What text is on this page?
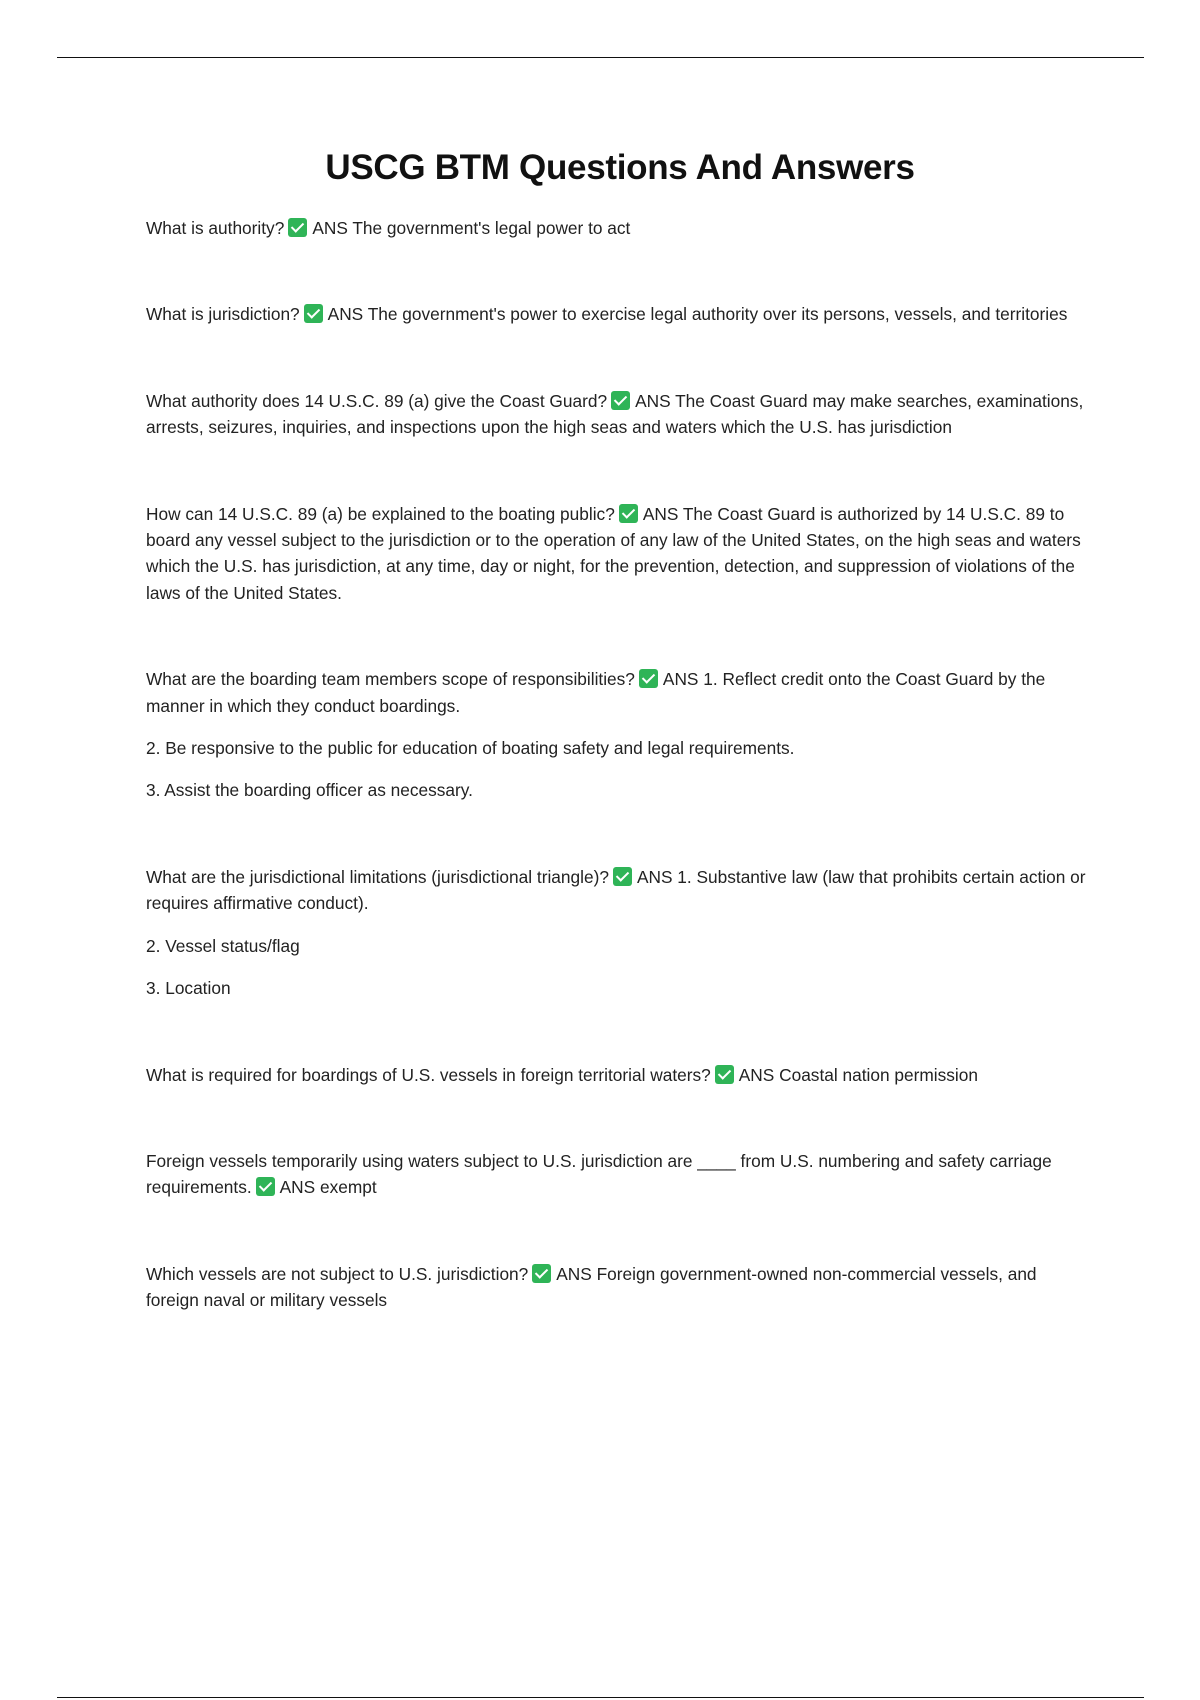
USCG BTM Questions And Answers

What is authority? ANS The government's legal power to act

What is jurisdiction? ANS The government's power to exercise legal authority over its persons, vessels, and territories

What authority does 14 U.S.C. 89 (a) give the Coast Guard? ANS The Coast Guard may make searches, examinations, arrests, seizures, inquiries, and inspections upon the high seas and waters which the U.S. has jurisdiction

How can 14 U.S.C. 89 (a) be explained to the boating public? ANS The Coast Guard is authorized by 14 U.S.C. 89 to board any vessel subject to the jurisdiction or to the operation of any law of the United States, on the high seas and waters which the U.S. has jurisdiction, at any time, day or night, for the prevention, detection, and suppression of violations of the laws of the United States.

What are the boarding team members scope of responsibilities? ANS 1. Reflect credit onto the Coast Guard by the manner in which they conduct boardings.

2. Be responsive to the public for education of boating safety and legal requirements.

3. Assist the boarding officer as necessary.

What are the jurisdictional limitations (jurisdictional triangle)? ANS 1. Substantive law (law that prohibits certain action or requires affirmative conduct).

2. Vessel status/flag

3. Location

What is required for boardings of U.S. vessels in foreign territorial waters? ANS Coastal nation permission

Foreign vessels temporarily using waters subject to U.S. jurisdiction are ____ from U.S. numbering and safety carriage requirements. ANS exempt

Which vessels are not subject to U.S. jurisdiction? ANS Foreign government-owned non-commercial vessels, and foreign naval or military vessels
